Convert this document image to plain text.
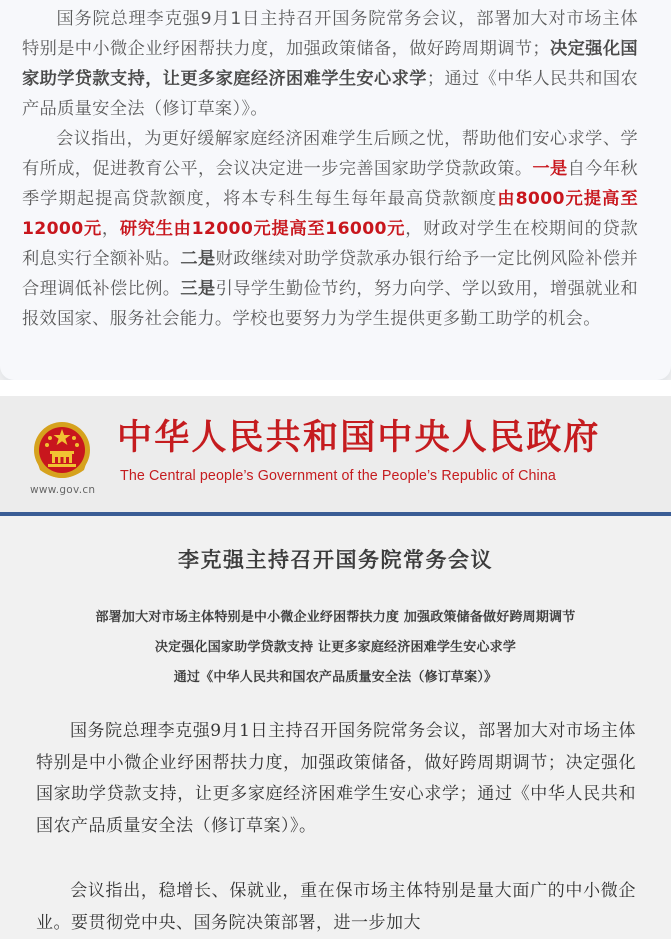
国务院总理李克强9月1日主持召开国务院常务会议，部署加大对市场主体特别是中小微企业纾困帮扶力度，加强政策储备，做好跨周期调节；决定强化国家助学贷款支持，让更多家庭经济困难学生安心求学；通过《中华人民共和国农产品质量安全法（修订草案）》。

会议指出，为更好缓解家庭经济困难学生后顾之忧，帮助他们安心求学、学有所成，促进教育公平，会议决定进一步完善国家助学贷款政策。一是自今年秋季学期起提高贷款额度，将本专科生每生每年最高贷款额度由8000元提高至12000元，研究生由12000元提高至16000元，财政对学生在校期间的贷款利息实行全额补贴。二是财政继续对助学贷款承办银行给予一定比例风险补偿并合理调低补偿比例。三是引导学生勤俭节约，努力向学、学以致用，增强就业和报效国家、服务社会能力。学校也要努力为学生提供更多勤工助学的机会。

www.gov.cn
中华人民共和国中央人民政府
The Central people’s Government of the People’s Republic of China
李克强主持召开国务院常务会议
部署加大对市场主体特别是中小微企业纾困帮扶力度 加强政策储备做好跨周期调节
决定强化国家助学贷款支持 让更多家庭经济困难学生安心求学
通过《中华人民共和国农产品质量安全法（修订草案）》

国务院总理李克强9月1日主持召开国务院常务会议，部署加大对市场主体特别是中小微企业纾困帮扶力度，加强政策储备，做好跨周期调节；决定强化国家助学贷款支持，让更多家庭经济困难学生安心求学；通过《中华人民共和国农产品质量安全法（修订草案）》。

会议指出，稳增长、保就业，重在保市场主体特别是量大面广的中小微企业。要贯彻党中央、国务院决策部署，进一步加大
